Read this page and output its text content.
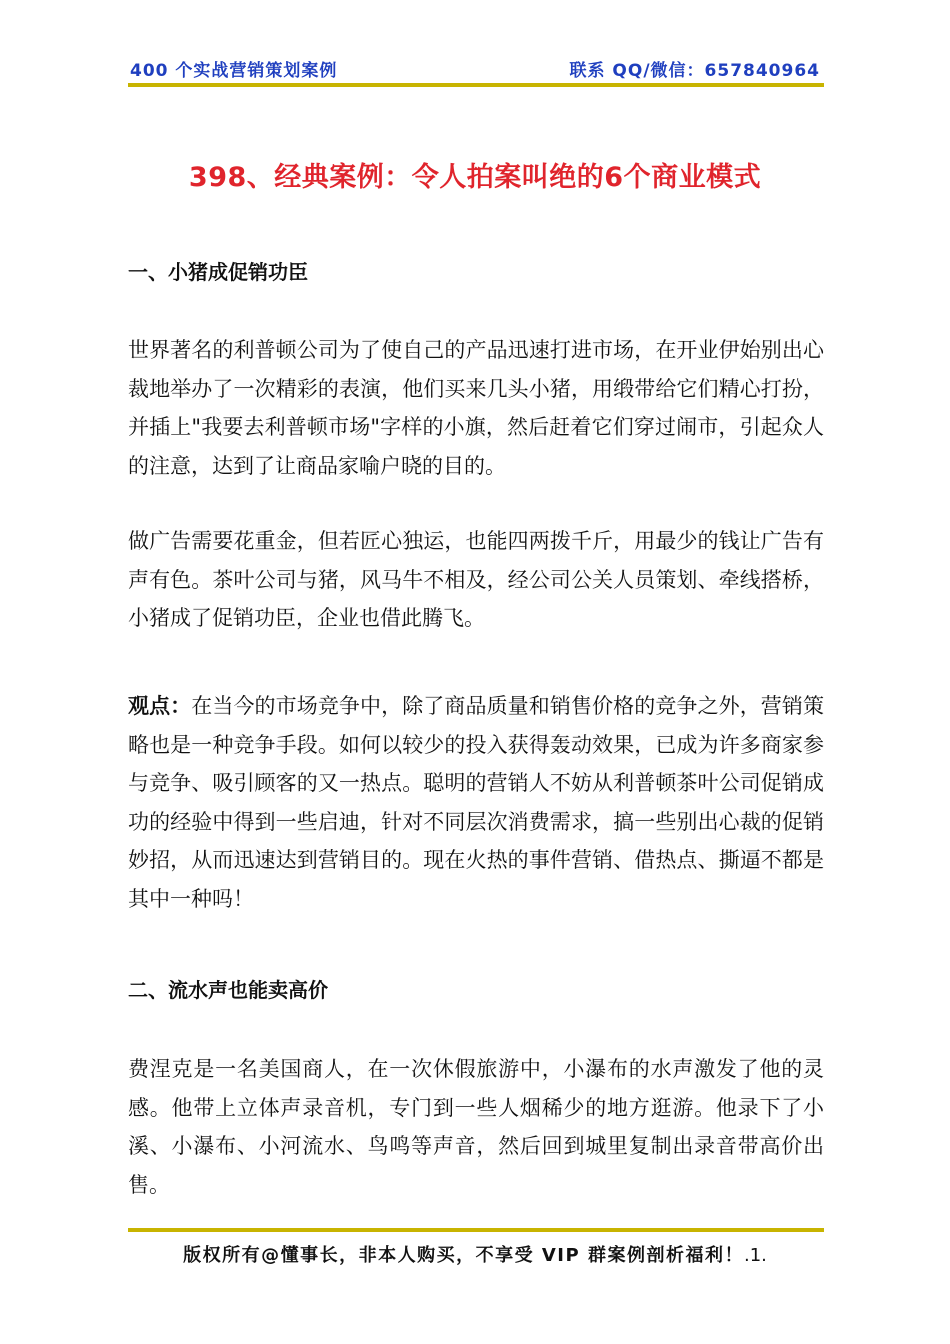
400 个实战营销策划案例	联系 QQ/微信：657840964
398、经典案例：令人拍案叫绝的6个商业模式
一、小猪成促销功臣

世界著名的利普顿公司为了使自己的产品迅速打进市场，在开业伊始别出心裁地举办了一次精彩的表演，他们买来几头小猪，用缎带给它们精心打扮，并插上"我要去利普顿市场"字样的小旗，然后赶着它们穿过闹市，引起众人的注意，达到了让商品家喻户晓的目的。

做广告需要花重金，但若匠心独运，也能四两拨千斤，用最少的钱让广告有声有色。茶叶公司与猪，风马牛不相及，经公司公关人员策划、牵线搭桥，小猪成了促销功臣，企业也借此腾飞。

观点：在当今的市场竞争中，除了商品质量和销售价格的竞争之外，营销策略也是一种竞争手段。如何以较少的投入获得轰动效果，已成为许多商家参与竞争、吸引顾客的又一热点。聪明的营销人不妨从利普顿茶叶公司促销成功的经验中得到一些启迪，针对不同层次消费需求，搞一些别出心裁的促销妙招，从而迅速达到营销目的。现在火热的事件营销、借热点、撕逼不都是其中一种吗！

二、流水声也能卖高价

费涅克是一名美国商人，在一次休假旅游中，小瀑布的水声激发了他的灵感。他带上立体声录音机，专门到一些人烟稀少的地方逛游。他录下了小溪、小瀑布、小河流水、鸟鸣等声音，然后回到城里复制出录音带高价出售。

版权所有@懂事长，非本人购买，不享受 VIP 群案例剖析福利！.1.
